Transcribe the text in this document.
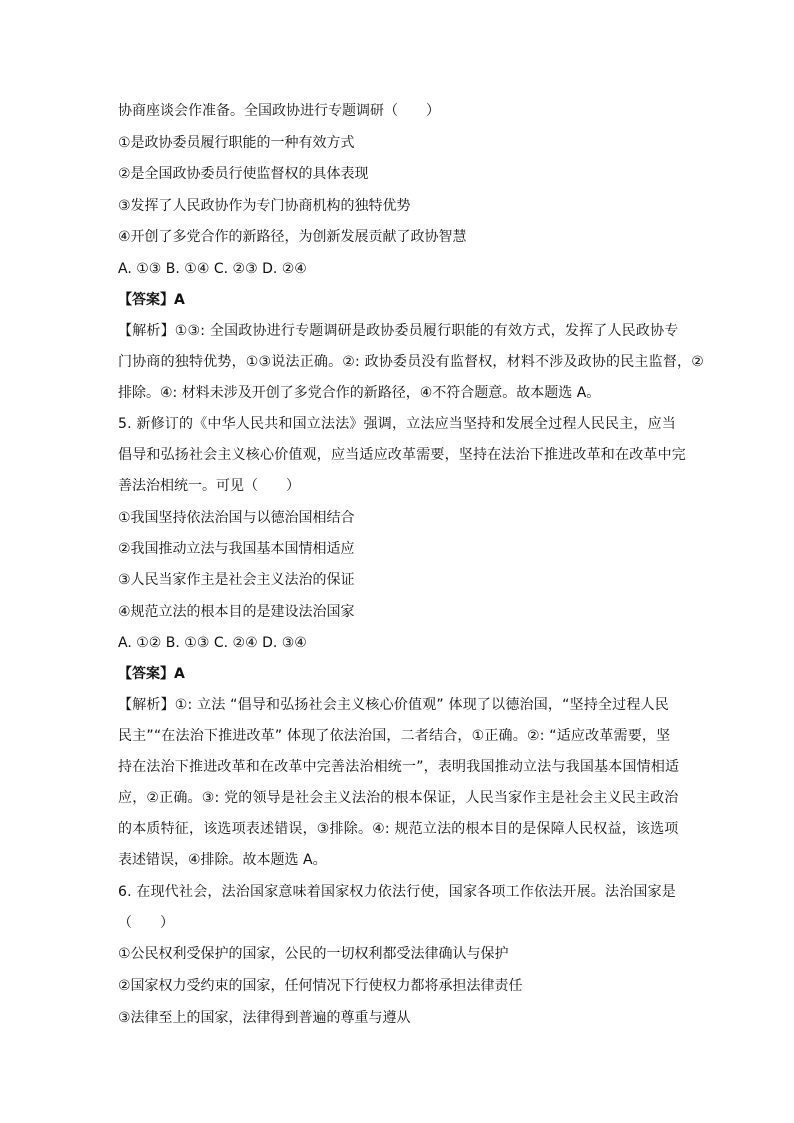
协商座谈会作准备。全国政协进行专题调研（　　）
①是政协委员履行职能的一种有效方式
②是全国政协委员行使监督权的具体表现
③发挥了人民政协作为专门协商机构的独特优势
④开创了多党合作的新路径，为创新发展贡献了政协智慧
A. ①③ B. ①④ C. ②③ D. ②④
【答案】A
【解析】①③: 全国政协进行专题调研是政协委员履行职能的有效方式，发挥了人民政协专
门协商的独特优势，①③说法正确。②: 政协委员没有监督权，材料不涉及政协的民主监督，②
排除。④: 材料未涉及开创了多党合作的新路径，④不符合题意。故本题选 A。
5. 新修订的《中华人民共和国立法法》强调，立法应当坚持和发展全过程人民民主，应当
倡导和弘扬社会主义核心价值观，应当适应改革需要，坚持在法治下推进改革和在改革中完
善法治相统一。可见（　　）
①我国坚持依法治国与以德治国相结合
②我国推动立法与我国基本国情相适应
③人民当家作主是社会主义法治的保证
④规范立法的根本目的是建设法治国家
A. ①② B. ①③ C. ②④ D. ③④
【答案】A
【解析】①: 立法 “倡导和弘扬社会主义核心价值观” 体现了以德治国，“坚持全过程人民
民主”“在法治下推进改革” 体现了依法治国，二者结合，①正确。②: “适应改革需要，坚
持在法治下推进改革和在改革中完善法治相统一”，表明我国推动立法与我国基本国情相适
应，②正确。③: 党的领导是社会主义法治的根本保证，人民当家作主是社会主义民主政治
的本质特征，该选项表述错误，③排除。④: 规范立法的根本目的是保障人民权益，该选项
表述错误，④排除。故本题选 A。
6. 在现代社会，法治国家意味着国家权力依法行使，国家各项工作依法开展。法治国家是
（　　）
①公民权利受保护的国家，公民的一切权利都受法律确认与保护
②国家权力受约束的国家，任何情况下行使权力都将承担法律责任
③法律至上的国家，法律得到普遍的尊重与遵从
